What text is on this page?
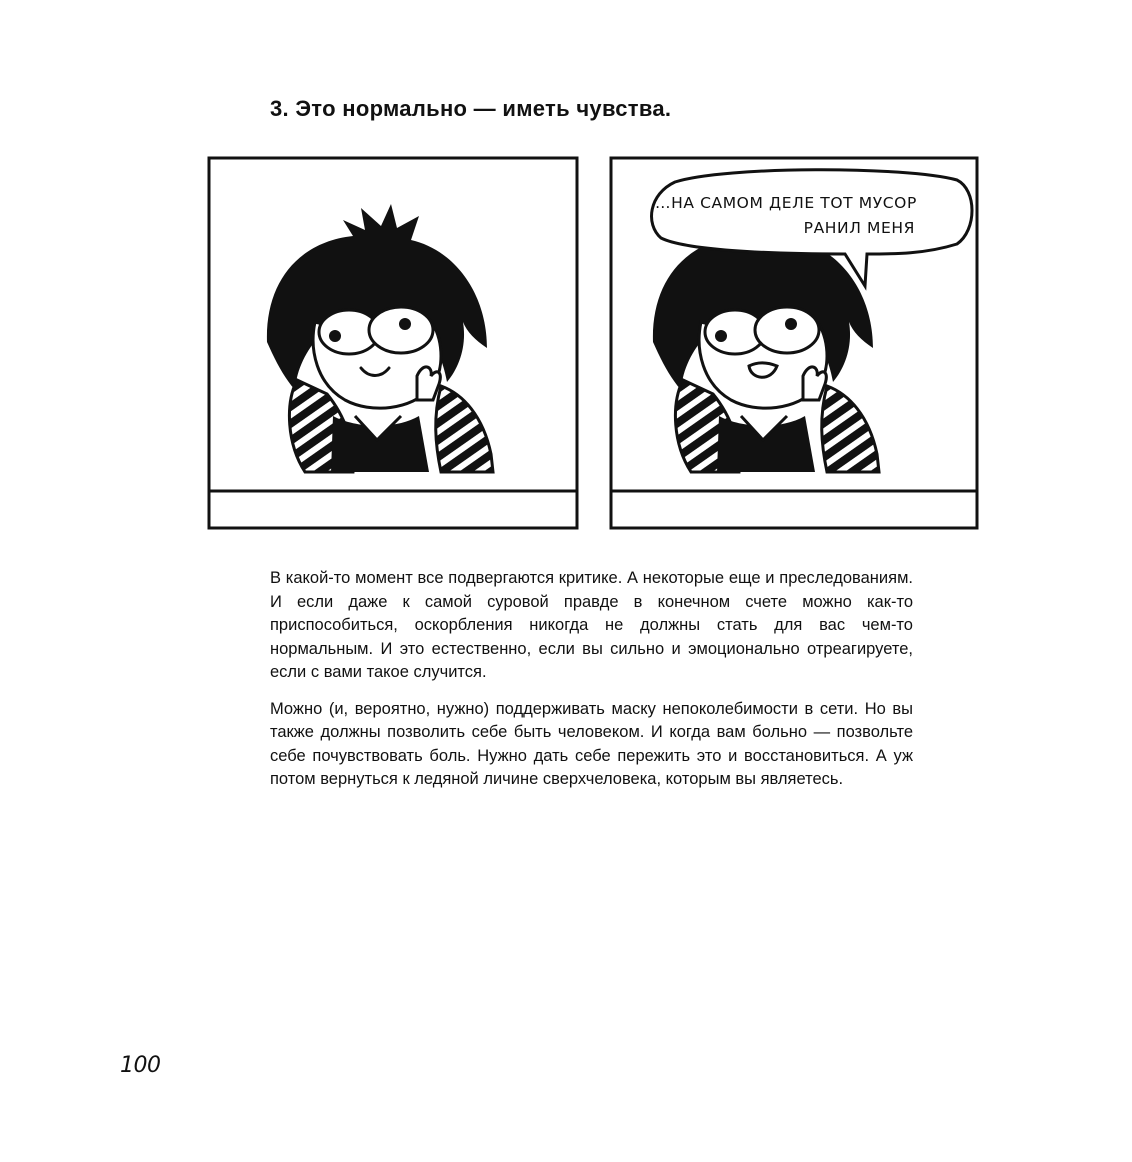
3. Это нормально — иметь чувства.
…НА САМОМ ДЕЛЕ ТОТ МУСОР
РАНИЛ МЕНЯ

В какой-то момент все подвергаются критике. А некоторые еще и преследованиям. И если даже к самой суровой правде в конечном счете можно как-то приспособиться, оскорбления никогда не должны стать для вас чем-то нормальным. И это естественно, если вы сильно и эмоционально отреагируете, если с вами такое случится.

Можно (и, вероятно, нужно) поддерживать маску непоколебимости в сети. Но вы также должны позволить себе быть человеком. И когда вам больно — позвольте себе почувствовать боль. Нужно дать себе пережить это и восстановиться. А уж потом вернуться к ледяной личине сверхчеловека, которым вы являетесь.

100
